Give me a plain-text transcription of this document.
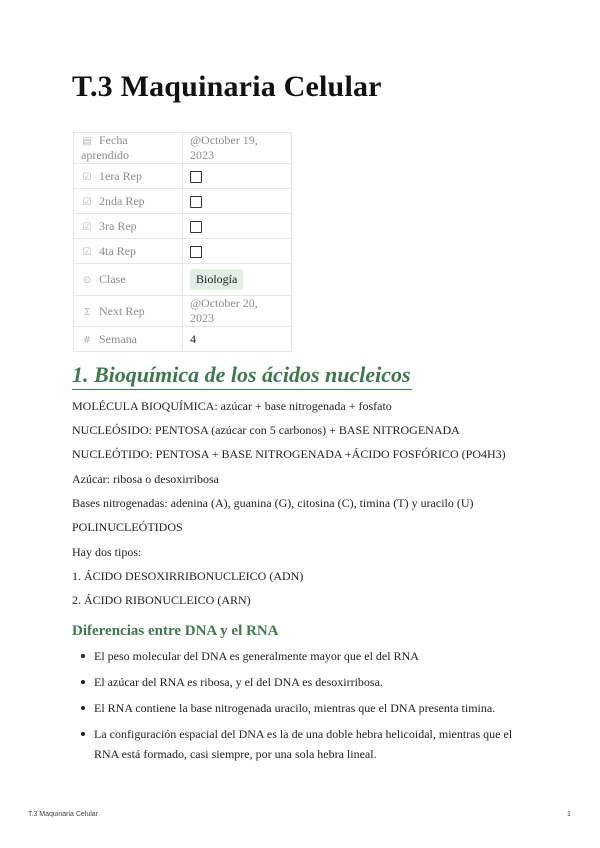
T.3 Maquinaria Celular
▤ Fecha aprendido	@October 19, 2023
☑ 1era Rep	
☑ 2nda Rep	
☑ 3ra Rep	
☑ 4ta Rep	
⊙ Clase	Biología
Σ Next Rep	@October 20, 2023
# Semana	4
1. Bioquímica de los ácidos nucleicos
MOLÉCULA BIOQUÍMICA: azúcar + base nitrogenada + fosfato
NUCLEÓSIDO: PENTOSA (azúcar con 5 carbonos) + BASE NITROGENADA
NUCLEÓTIDO: PENTOSA + BASE NITROGENADA +ÁCIDO FOSFÓRICO (PO4H3)
Azúcar: ribosa o desoxirribosa
Bases nitrogenadas: adenina (A), guanina (G), citosina (C), timina (T) y uracilo (U)
POLINUCLEÓTIDOS
Hay dos tipos:
1. ÁCIDO DESOXIRRIBONUCLEICO (ADN)
2. ÁCIDO RIBONUCLEICO (ARN)
Diferencias entre DNA y el RNA
El peso molecular del DNA es generalmente mayor que el del RNA
El azúcar del RNA es ribosa, y el del DNA es desoxirribosa.
El RNA contiene la base nitrogenada uracilo, mientras que el DNA presenta timina.
La configuración espacial del DNA es la de una doble hebra helicoidal, mientras que el RNA está formado, casi siempre, por una sola hebra lineal.
T.3 Maquinaria Celular	1
